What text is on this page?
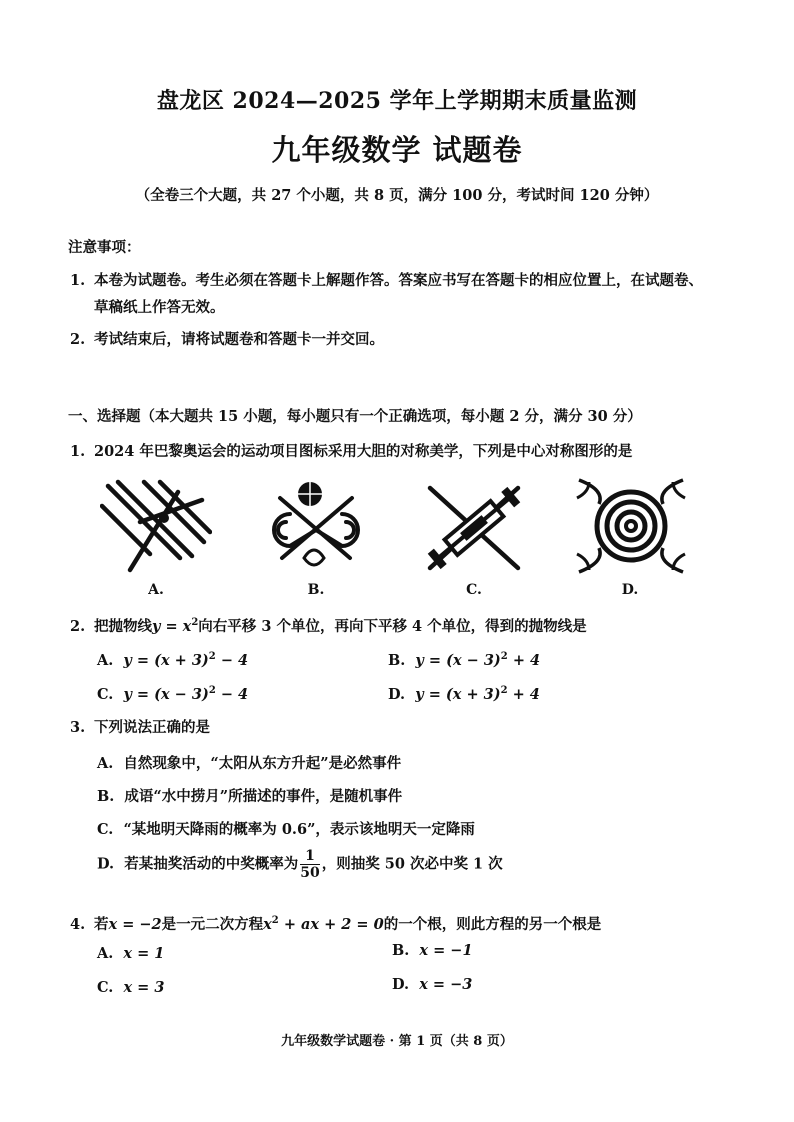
盘龙区 2024—2025 学年上学期期末质量监测
九年级数学 试题卷
（全卷三个大题，共 27 个小题，共 8 页，满分 100 分，考试时间 120 分钟）
注意事项：
1. 本卷为试题卷。考生必须在答题卡上解题作答。答案应书写在答题卡的相应位置上，在试题卷、
草稿纸上作答无效。
2. 考试结束后，请将试题卷和答题卡一并交回。
一、选择题（本大题共 15 小题，每小题只有一个正确选项，每小题 2 分，满分 30 分）
1. 2024 年巴黎奥运会的运动项目图标采用大胆的对称美学，下列是中心对称图形的是
A.	B.	C.	D.
2. 把抛物线$y = x^2$向右平移 3 个单位，再向下平移 4 个单位，得到的抛物线是
A. $y = (x + 3)^2 - 4$	B. $y = (x - 3)^2 + 4$
C. $y = (x - 3)^2 - 4$	D. $y = (x + 3)^2 + 4$
3. 下列说法正确的是
A. 自然现象中，“太阳从东方升起”是必然事件
B. 成语“水中捞月”所描述的事件，是随机事件
C. “某地明天降雨的概率为 0.6”，表示该地明天一定降雨
D. 若某抽奖活动的中奖概率为 $\frac{1}{50}$ ，则抽奖 50 次必中奖 1 次
4. 若x = −2是一元二次方程$x^2$ + ax + 2 = 0的一个根，则此方程的另一个根是
A. x = 1	B. x = −1
C. x = 3	D. x = −3
九年级数学试题卷 · 第 1 页（共 8 页）
